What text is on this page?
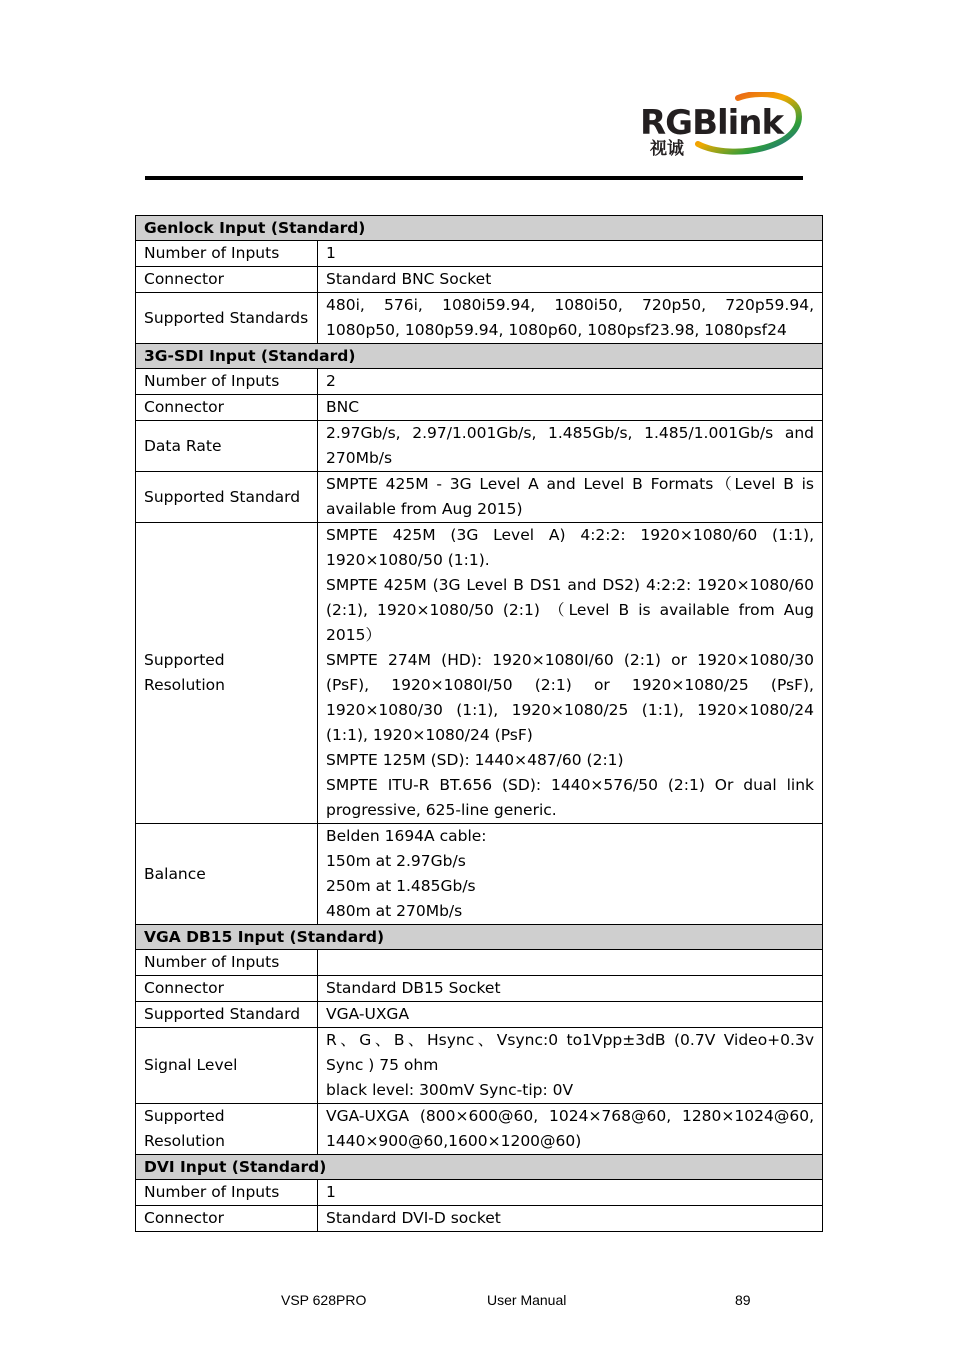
RGBlink
视诚
Genlock Input (Standard)	
Number of Inputs	1

Connector	Standard BNC Socket

Supported Standards	480i, 576i, 1080i59.94, 1080i50, 720p50, 720p59.94, 1080p50, 1080p59.94, 1080p60, 1080psf23.98, 1080psf24

3G-SDI Input (Standard)	
Number of Inputs	2

Connector	BNC

Data Rate	2.97Gb/s, 2.97/1.001Gb/s, 1.485Gb/s, 1.485/1.001Gb/s and 270Mb/s

Supported Standard	SMPTE 425M - 3G Level A and Level B Formats（Level B is available from Aug 2015)

Supported Resolution	SMPTE 425M (3G Level A) 4:2:2: 1920×1080/60 (1:1), 1920×1080/50 (1:1).
SMPTE 425M (3G Level B DS1 and DS2) 4:2:2: 1920×1080/60 (2:1), 1920×1080/50 (2:1) （Level B is available from Aug 2015）
SMPTE 274M (HD): 1920×1080I/60 (2:1) or 1920×1080/30 (PsF), 1920×1080I/50 (2:1) or 1920×1080/25 (PsF), 1920×1080/30 (1:1), 1920×1080/25 (1:1), 1920×1080/24 (1:1), 1920×1080/24 (PsF)
SMPTE 125M (SD): 1440×487/60 (2:1)
SMPTE ITU-R BT.656 (SD): 1440×576/50 (2:1) Or dual link progressive, 625-line generic.

Balance	Belden 1694A cable:
150m at 2.97Gb/s
250m at 1.485Gb/s
480m at 270Mb/s

VGA DB15 Input (Standard)	
Number of Inputs	

Connector	Standard DB15 Socket

Supported Standard	VGA-UXGA

Signal Level	R、G、B、Hsync、Vsync:0 to1Vpp±3dB (0.7V Video+0.3v Sync ) 75 ohm
black level: 300mV Sync-tip: 0V

Supported Resolution	VGA-UXGA (800×600@60, 1024×768@60, 1280×1024@60, 1440×900@60,1600×1200@60)

DVI Input (Standard)	
Number of Inputs	1

Connector	Standard DVI-D socket
VSP 628PRO	User Manual	89
